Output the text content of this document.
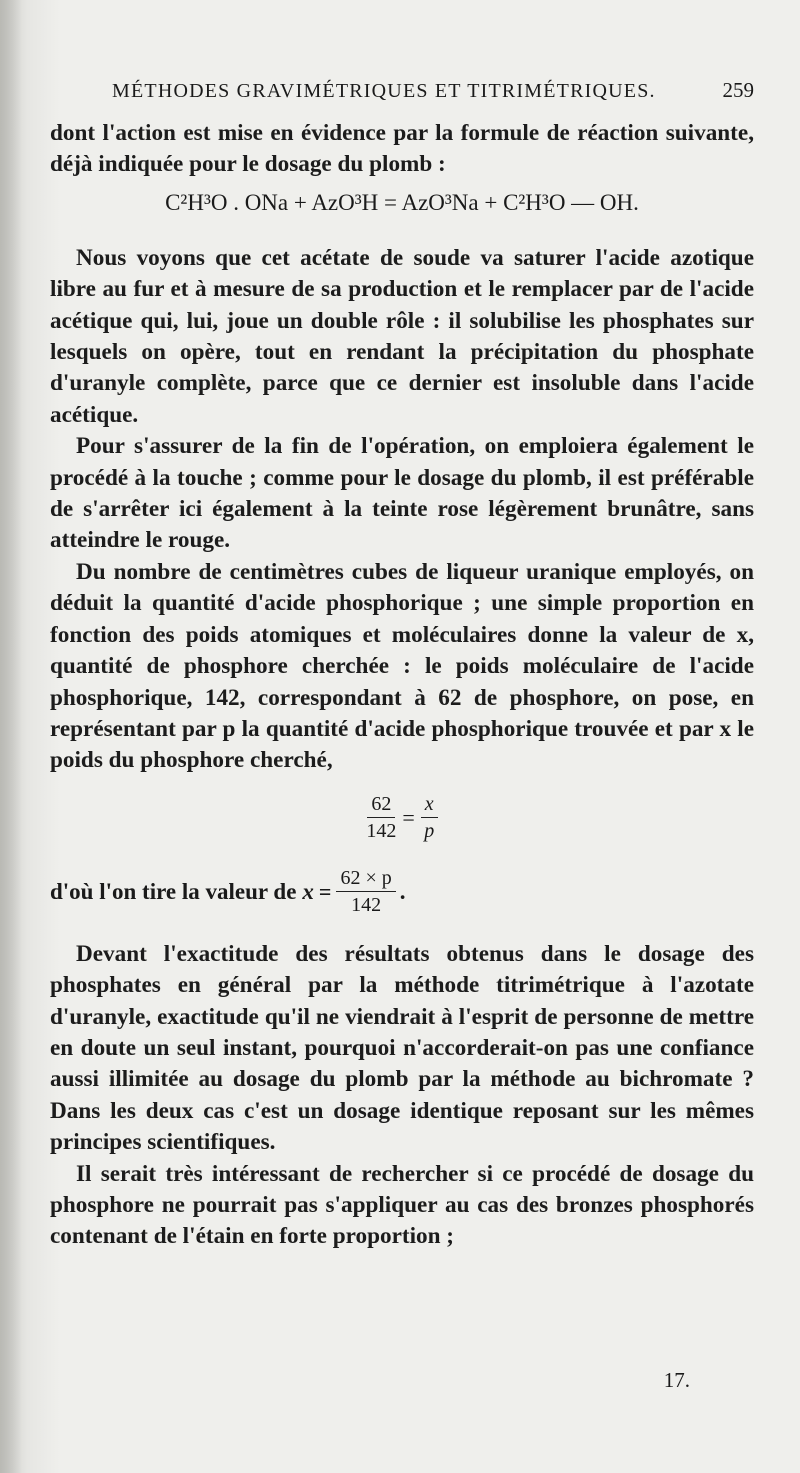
MÉTHODES GRAVIMÉTRIQUES ET TITRIMÉTRIQUES.	259

dont l'action est mise en évidence par la formule de réaction suivante, déjà indiquée pour le dosage du plomb :

C²H³O . ONa + AzO³H = AzO³Na + C²H³O — OH.

Nous voyons que cet acétate de soude va saturer l'acide azotique libre au fur et à mesure de sa production et le remplacer par de l'acide acétique qui, lui, joue un double rôle : il solubilise les phosphates sur lesquels on opère, tout en rendant la précipitation du phosphate d'uranyle complète, parce que ce dernier est insoluble dans l'acide acétique.

Pour s'assurer de la fin de l'opération, on emploiera également le procédé à la touche ; comme pour le dosage du plomb, il est préférable de s'arrêter ici également à la teinte rose légèrement brunâtre, sans atteindre le rouge.

Du nombre de centimètres cubes de liqueur uranique employés, on déduit la quantité d'acide phosphorique ; une simple proportion en fonction des poids atomiques et moléculaires donne la valeur de x, quantité de phosphore cherchée : le poids moléculaire de l'acide phosphorique, 142, correspondant à 62 de phosphore, on pose, en représentant par p la quantité d'acide phosphorique trouvée et par x le poids du phosphore cherché,

$\frac{62}{142} = \frac{x}{p}$
d'où l'on tire la valeur de $x = \frac{62 \times p}{142}$ .

Devant l'exactitude des résultats obtenus dans le dosage des phosphates en général par la méthode titrimétrique à l'azotate d'uranyle, exactitude qu'il ne viendrait à l'esprit de personne de mettre en doute un seul instant, pourquoi n'accorderait-on pas une confiance aussi illimitée au dosage du plomb par la méthode au bichromate ? Dans les deux cas c'est un dosage identique reposant sur les mêmes principes scientifiques.

Il serait très intéressant de rechercher si ce procédé de dosage du phosphore ne pourrait pas s'appliquer au cas des bronzes phosphorés contenant de l'étain en forte proportion ;

17.
